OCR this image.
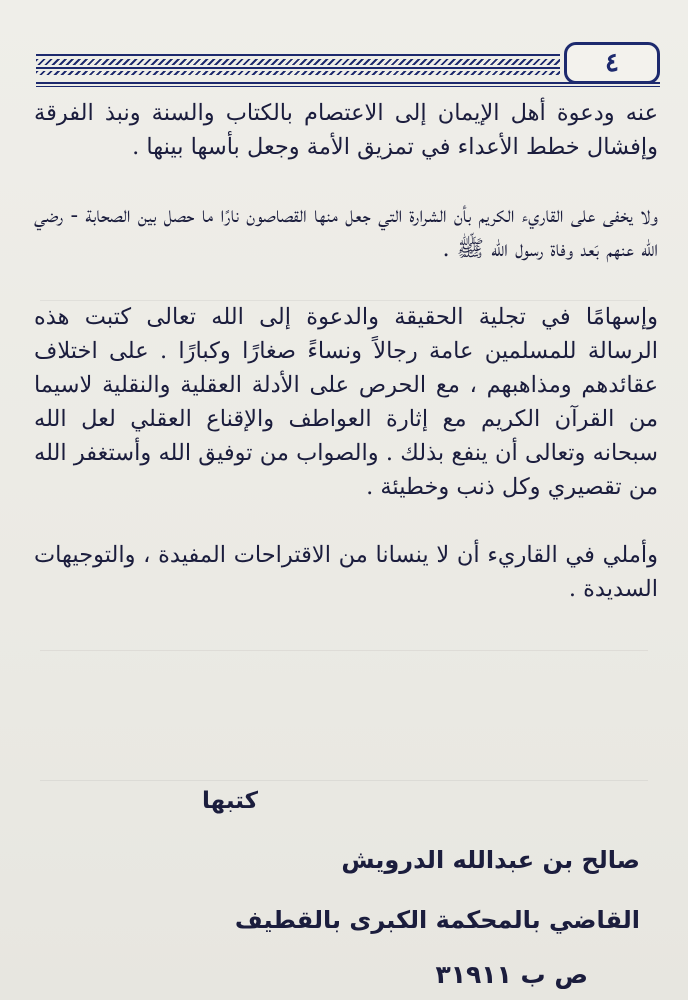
٤

عنه ودعوة أهل الإيمان إلى الاعتصام بالكتاب والسنة ونبذ الفرقة وإفشال خطط الأعداء في تمزيق الأمة وجعل بأسها بينها .

ولا يخفى على القاريء الكريم بأن الشرارة التي جعل منها القصاصون نارًا ما حصل بين الصحابة - رضي الله عنهم بَعد وفاة رسول الله ﷺ .

وإسهامًا في تجلية الحقيقة والدعوة إلى الله تعالى كتبت هذه الرسالة للمسلمين عامة رجالاً ونساءً صغارًا وكبارًا . على اختلاف عقائدهم ومذاهبهم ، مع الحرص على الأدلة العقلية والنقلية لاسيما من القرآن الكريم مع إثارة العواطف والإقناع العقلي لعل الله سبحانه وتعالى أن ينفع بذلك . والصواب من توفيق الله وأستغفر الله من تقصيري وكل ذنب وخطيئة .

وأملي في القاريء أن لا ينسانا من الاقتراحات المفيدة ، والتوجيهات السديدة .

كتبها
صالح بن عبدالله الدرويش
القاضي بالمحكمة الكبرى بالقطيف
ص ب ٣١٩١١
